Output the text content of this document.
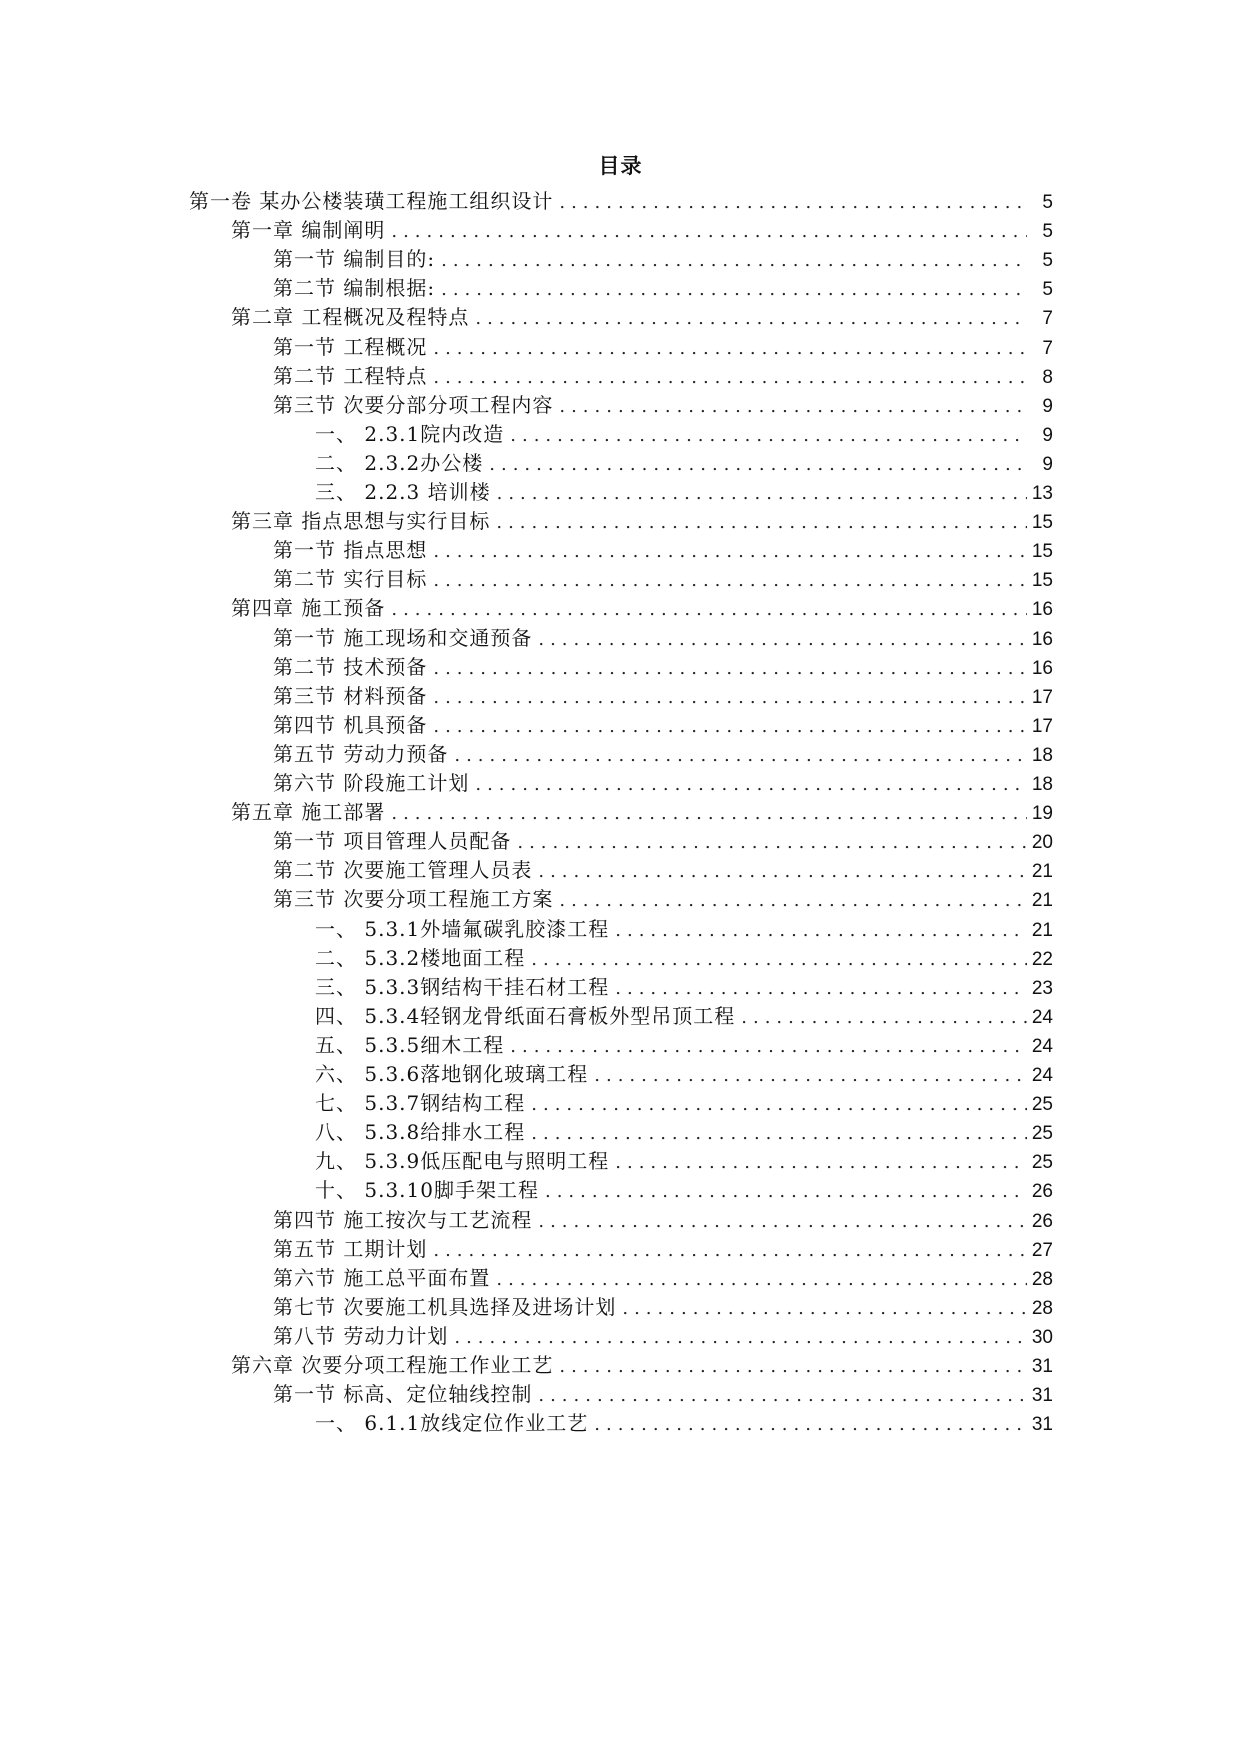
目录
第一卷 某办公楼装璜工程施工组织设计 .....	5
第一章 编制阐明 .....	5
第一节 编制目的: .....	5
第二节 编制根据: .....	5
第二章 工程概况及程特点 .....	7
第一节 工程概况 .....	7
第二节 工程特点 .....	8
第三节 次要分部分项工程内容 .....	9
一、 2.3.1院内改造 .....	9
二、 2.3.2办公楼 .....	9
三、 2.2.3 培训楼 .....	13
第三章 指点思想与实行目标 .....	15
第一节 指点思想 .....	15
第二节 实行目标 .....	15
第四章 施工预备 .....	16
第一节 施工现场和交通预备 .....	16
第二节 技术预备 .....	16
第三节 材料预备 .....	17
第四节 机具预备 .....	17
第五节 劳动力预备 .....	18
第六节 阶段施工计划 .....	18
第五章 施工部署 .....	19
第一节 项目管理人员配备 .....	20
第二节 次要施工管理人员表 .....	21
第三节 次要分项工程施工方案 .....	21
一、 5.3.1外墙氟碳乳胶漆工程 .....	21
二、 5.3.2楼地面工程 .....	22
三、 5.3.3钢结构干挂石材工程 .....	23
四、 5.3.4轻钢龙骨纸面石膏板外型吊顶工程 .....	24
五、 5.3.5细木工程 .....	24
六、 5.3.6落地钢化玻璃工程 .....	24
七、 5.3.7钢结构工程 .....	25
八、 5.3.8给排水工程 .....	25
九、 5.3.9低压配电与照明工程 .....	25
十、 5.3.10脚手架工程 .....	26
第四节 施工按次与工艺流程 .....	26
第五节 工期计划 .....	27
第六节 施工总平面布置 .....	28
第七节 次要施工机具选择及进场计划 .....	28
第八节 劳动力计划 .....	30
第六章 次要分项工程施工作业工艺 .....	31
第一节 标高、定位轴线控制 .....	31
一、 6.1.1放线定位作业工艺 .....	31
